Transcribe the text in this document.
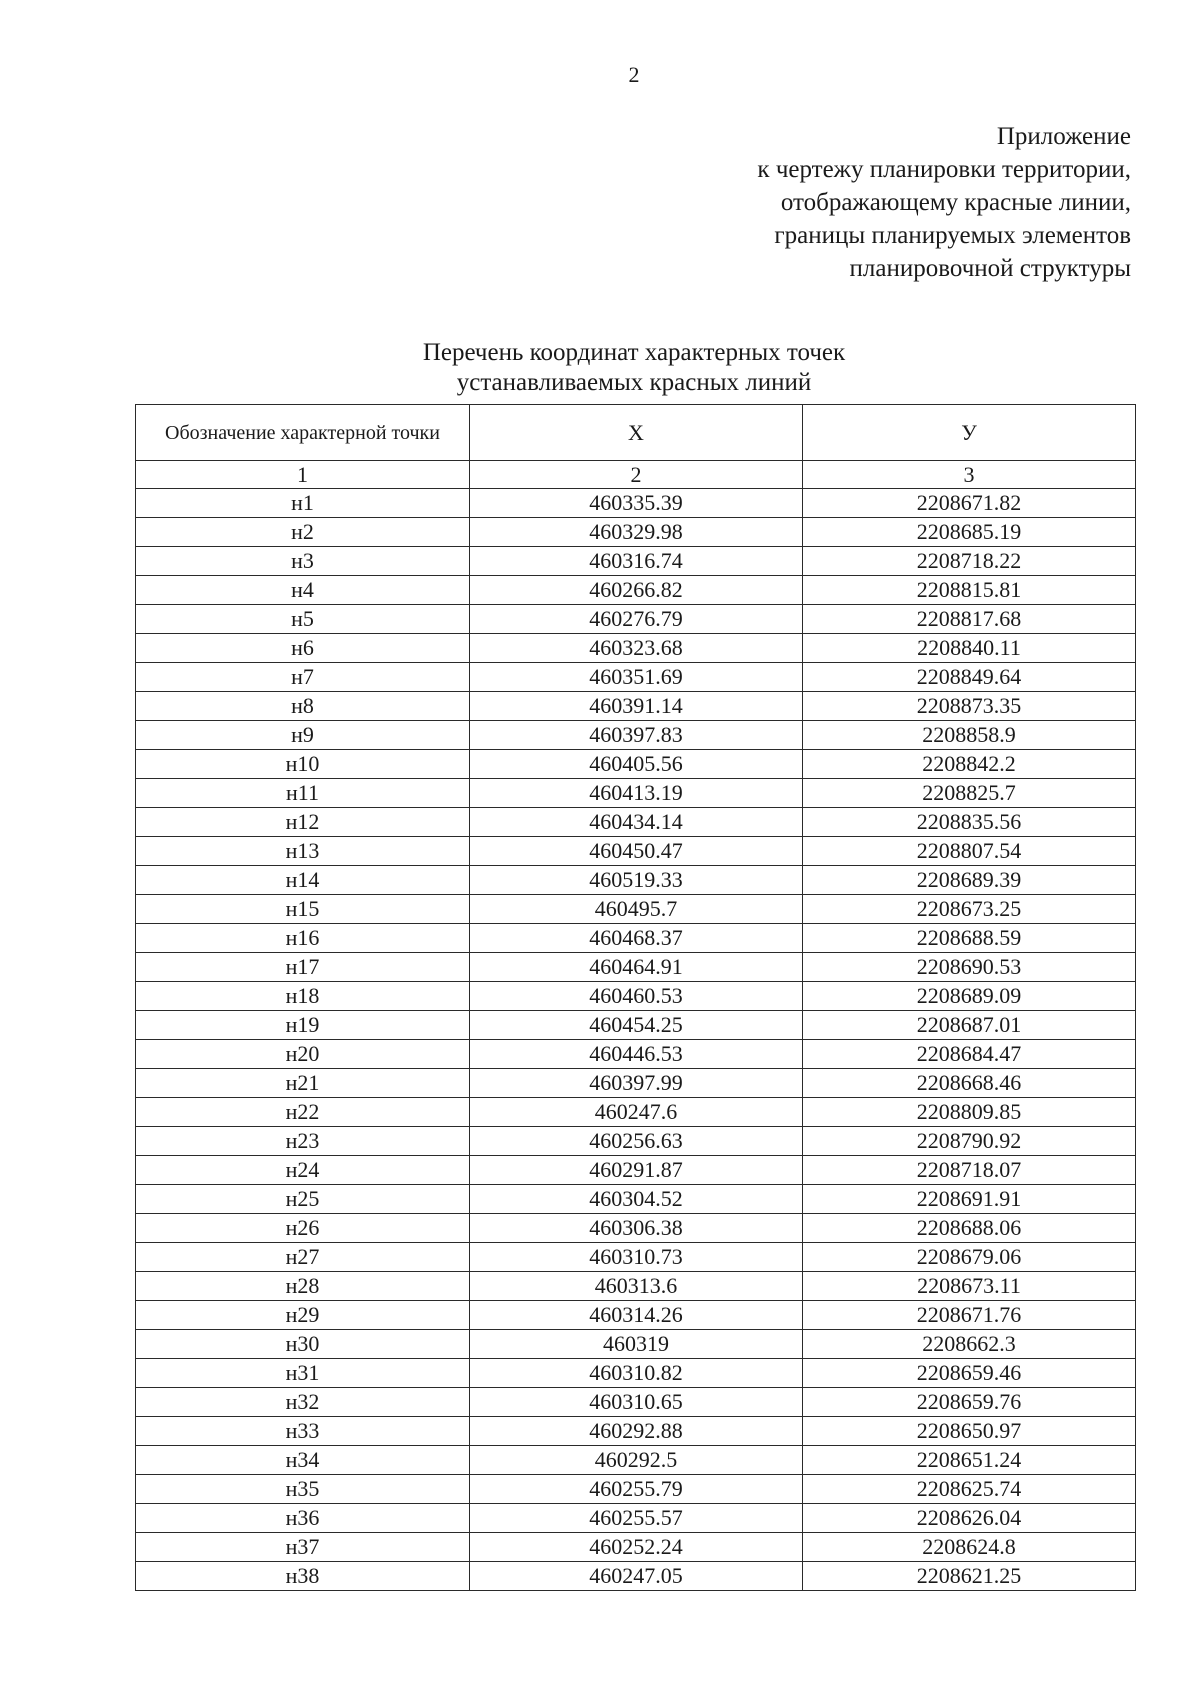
2
Приложение
к чертежу планировки территории,
отображающему красные линии,
границы планируемых элементов
планировочной структуры
Перечень координат характерных точек
устанавливаемых красных линий
Обозначение характерной точки	Х	У
1	2	3
н1	460335.39	2208671.82
н2	460329.98	2208685.19
н3	460316.74	2208718.22
н4	460266.82	2208815.81
н5	460276.79	2208817.68
н6	460323.68	2208840.11
н7	460351.69	2208849.64
н8	460391.14	2208873.35
н9	460397.83	2208858.9
н10	460405.56	2208842.2
н11	460413.19	2208825.7
н12	460434.14	2208835.56
н13	460450.47	2208807.54
н14	460519.33	2208689.39
н15	460495.7	2208673.25
н16	460468.37	2208688.59
н17	460464.91	2208690.53
н18	460460.53	2208689.09
н19	460454.25	2208687.01
н20	460446.53	2208684.47
н21	460397.99	2208668.46
н22	460247.6	2208809.85
н23	460256.63	2208790.92
н24	460291.87	2208718.07
н25	460304.52	2208691.91
н26	460306.38	2208688.06
н27	460310.73	2208679.06
н28	460313.6	2208673.11
н29	460314.26	2208671.76
н30	460319	2208662.3
н31	460310.82	2208659.46
н32	460310.65	2208659.76
н33	460292.88	2208650.97
н34	460292.5	2208651.24
н35	460255.79	2208625.74
н36	460255.57	2208626.04
н37	460252.24	2208624.8
н38	460247.05	2208621.25
